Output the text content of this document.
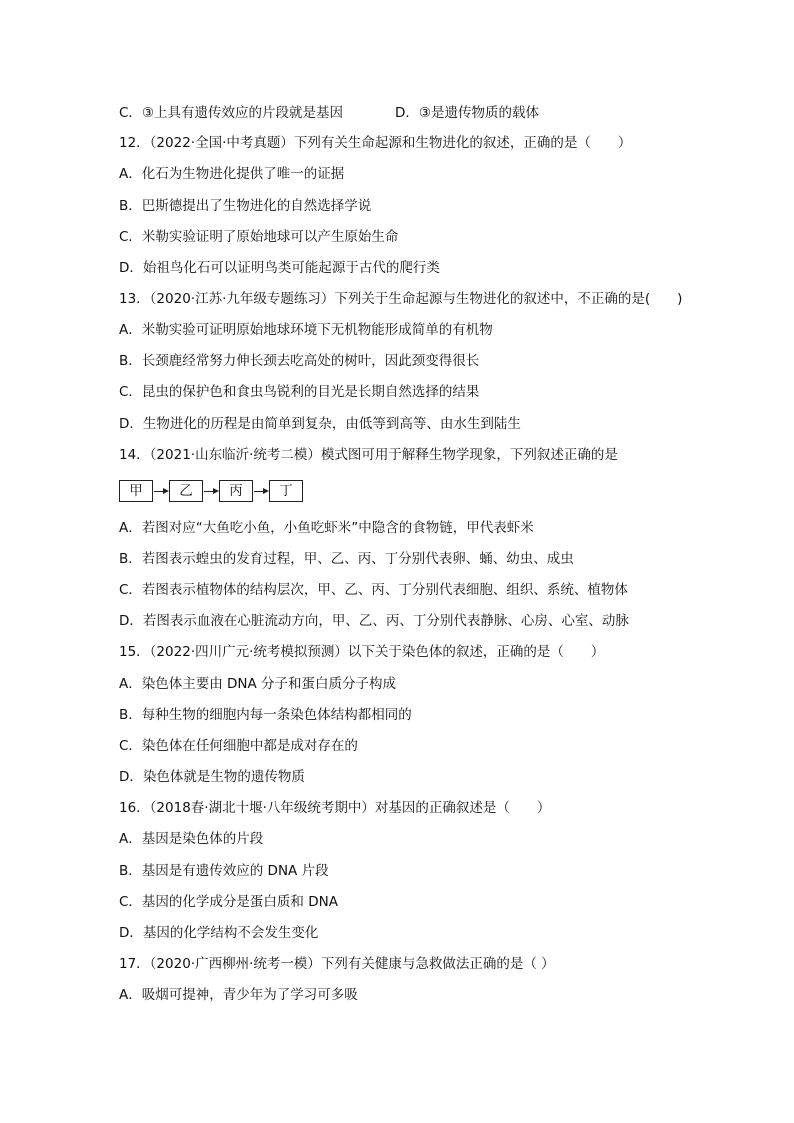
C．③上具有遗传效应的片段就是基因	D．③是遗传物质的载体
12．（2022·全国·中考真题）下列有关生命起源和生物进化的叙述，正确的是（　　）
A．化石为生物进化提供了唯一的证据
B．巴斯德提出了生物进化的自然选择学说
C．米勒实验证明了原始地球可以产生原始生命
D．始祖鸟化石可以证明鸟类可能起源于古代的爬行类
13．（2020·江苏·九年级专题练习）下列关于生命起源与生物进化的叙述中，不正确的是(　　)
A．米勒实验可证明原始地球环境下无机物能形成简单的有机物
B．长颈鹿经常努力伸长颈去吃高处的树叶，因此颈变得很长
C．昆虫的保护色和食虫鸟锐利的目光是长期自然选择的结果
D．生物进化的历程是由简单到复杂，由低等到高等、由水生到陆生
14．（2021·山东临沂·统考二模）模式图可用于解释生物学现象，下列叙述正确的是
甲	乙	丙	丁
A．若图对应“大鱼吃小鱼，小鱼吃虾米”中隐含的食物链，甲代表虾米
B．若图表示蝗虫的发育过程，甲、乙、丙、丁分别代表卵、蛹、幼虫、成虫
C．若图表示植物体的结构层次，甲、乙、丙、丁分别代表细胞、组织、系统、植物体
D．若图表示血液在心脏流动方向，甲、乙、丙、丁分别代表静脉、心房、心室、动脉
15．（2022·四川广元·统考模拟预测）以下关于染色体的叙述，正确的是（　　）
A．染色体主要由 DNA 分子和蛋白质分子构成
B．每种生物的细胞内每一条染色体结构都相同的
C．染色体在任何细胞中都是成对存在的
D．染色体就是生物的遗传物质
16．（2018春·湖北十堰·八年级统考期中）对基因的正确叙述是（　　）
A．基因是染色体的片段
B．基因是有遗传效应的 DNA 片段
C．基因的化学成分是蛋白质和 DNA
D．基因的化学结构不会发生变化
17．（2020·广西柳州·统考一模）下列有关健康与急救做法正确的是（ ）
A．吸烟可提神，青少年为了学习可多吸
